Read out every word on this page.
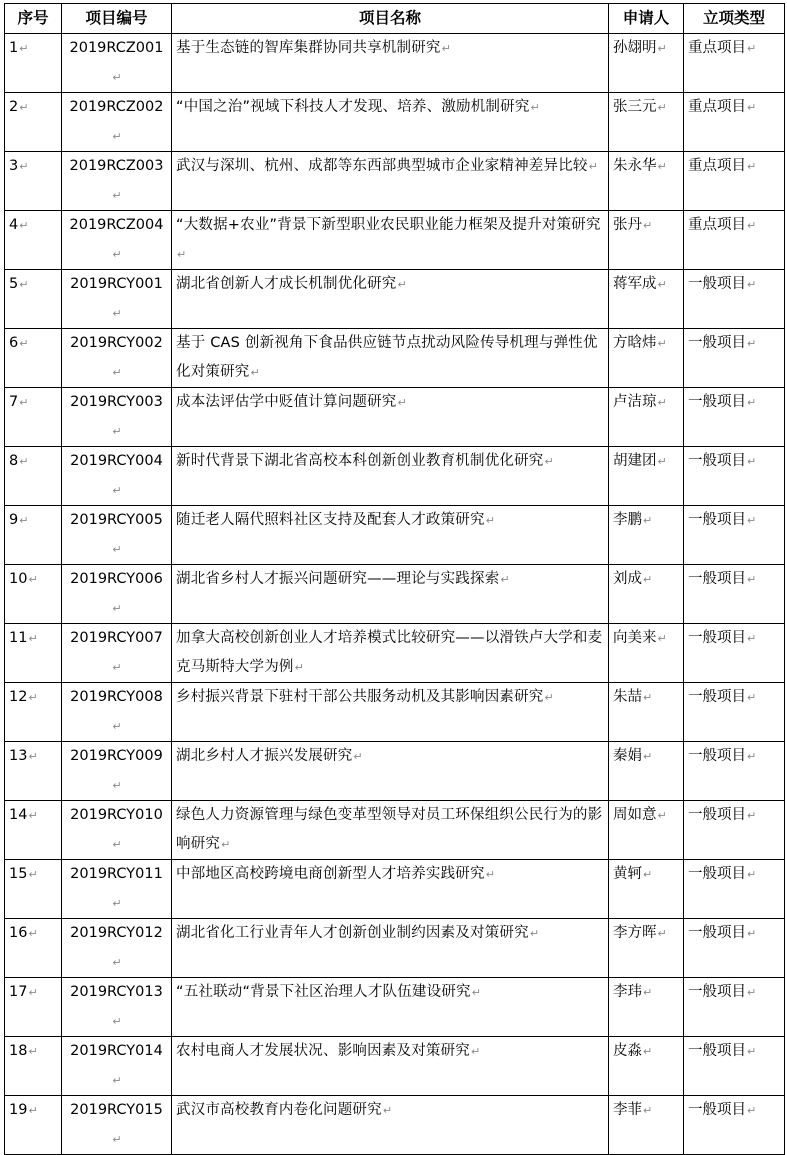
序号	项目编号	项目名称	申请人	立项类型
1↵	2019RCZ001↵	基于生态链的智库集群协同共享机制研究↵	孙翃明↵	重点项目↵
2↵	2019RCZ002↵	“中国之治”视域下科技人才发现、培养、激励机制研究↵	张三元↵	重点项目↵
3↵	2019RCZ003↵	武汉与深圳、杭州、成都等东西部典型城市企业家精神差异比较↵	朱永华↵	重点项目↵
4↵	2019RCZ004↵	“大数据+农业”背景下新型职业农民职业能力框架及提升对策研究↵	张丹↵	重点项目↵
5↵	2019RCY001↵	湖北省创新人才成长机制优化研究↵	蒋军成↵	一般项目↵
6↵	2019RCY002↵	基于 CAS 创新视角下食品供应链节点扰动风险传导机理与弹性优化对策研究↵	方晗炜↵	一般项目↵
7↵	2019RCY003↵	成本法评估学中贬值计算问题研究↵	卢洁琼↵	一般项目↵
8↵	2019RCY004↵	新时代背景下湖北省高校本科创新创业教育机制优化研究↵	胡建团↵	一般项目↵
9↵	2019RCY005↵	随迁老人隔代照料社区支持及配套人才政策研究↵	李鹏↵	一般项目↵
10↵	2019RCY006↵	湖北省乡村人才振兴问题研究——理论与实践探索↵	刘成↵	一般项目↵
11↵	2019RCY007↵	加拿大高校创新创业人才培养模式比较研究——以滑铁卢大学和麦克马斯特大学为例↵	向美来↵	一般项目↵
12↵	2019RCY008↵	乡村振兴背景下驻村干部公共服务动机及其影响因素研究↵	朱喆↵	一般项目↵
13↵	2019RCY009↵	湖北乡村人才振兴发展研究↵	秦娟↵	一般项目↵
14↵	2019RCY010↵	绿色人力资源管理与绿色变革型领导对员工环保组织公民行为的影响研究↵	周如意↵	一般项目↵
15↵	2019RCY011↵	中部地区高校跨境电商创新型人才培养实践研究↵	黄轲↵	一般项目↵
16↵	2019RCY012↵	湖北省化工行业青年人才创新创业制约因素及对策研究↵	李方晖↵	一般项目↵
17↵	2019RCY013↵	“五社联动“背景下社区治理人才队伍建设研究↵	李玮↵	一般项目↵
18↵	2019RCY014↵	农村电商人才发展状况、影响因素及对策研究↵	皮淼↵	一般项目↵
19↵	2019RCY015↵	武汉市高校教育内卷化问题研究↵	李菲↵	一般项目↵
